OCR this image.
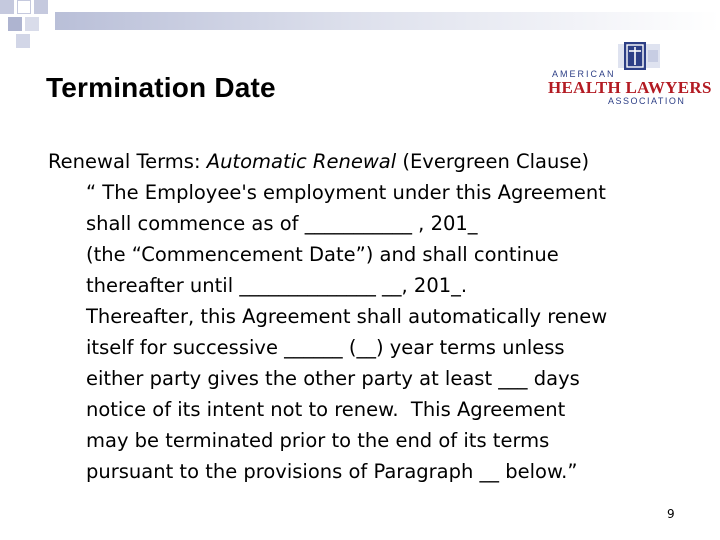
Termination Date	AMERICAN
HEALTH LAWYERS
ASSOCIATION
Renewal Terms: Automatic Renewal (Evergreen Clause)
“ The Employee's employment under this Agreement
shall commence as of ___________ , 201_
(the “Commencement Date”) and shall continue
thereafter until ______________ __, 201_.
Thereafter, this Agreement shall automatically renew
itself for successive ______ (__) year terms unless
either party gives the other party at least ___ days
notice of its intent not to renew.  This Agreement
may be terminated prior to the end of its terms
pursuant to the provisions of Paragraph __ below.”
9
